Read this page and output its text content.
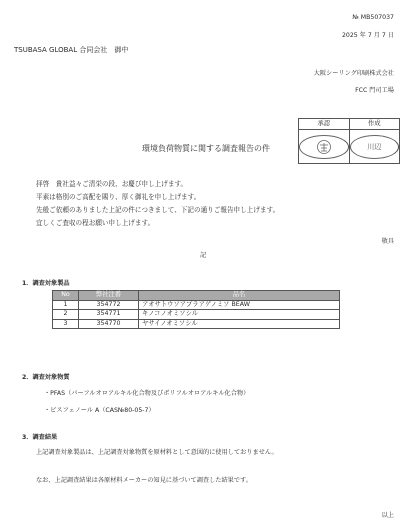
№ MB507037
2025 年 7 月 7 日
TSUBASA GLOBAL 合同会社　御中
大阪シーリング印刷株式会社
FCC 門司工場
承認	作成
川辺
環境負荷物質に関する調査報告の件
拝啓　貴社益々ご清栄の段、お慶び申し上げます。
平素は格別のご高配を賜り、厚く御礼を申し上げます。
先般ご依頼のありました上記の件につきまして、下記の通りご報告申し上げます。
宜しくご査収の程お願い申し上げます。
敬具
記
1．調査対象製品
No	弊社注番	品名
1	354772	アオサトウソアプラアゲノミソ BEAW
2	354771	キノコノオミソシル
3	354770	ヤサイノオミソシル
2．調査対象物質
・PFAS（パーフルオロアルキル化合物及びポリフルオロアルキル化合物）
・ビスフェノール A（CAS№80-05-7）
3．調査結果
上記調査対象製品は、上記調査対象物質を原材料として意図的に使用しておりません。
なお、上記調査結果は各原材料メーカーの知見に基づいて調査した結果です。
以上
